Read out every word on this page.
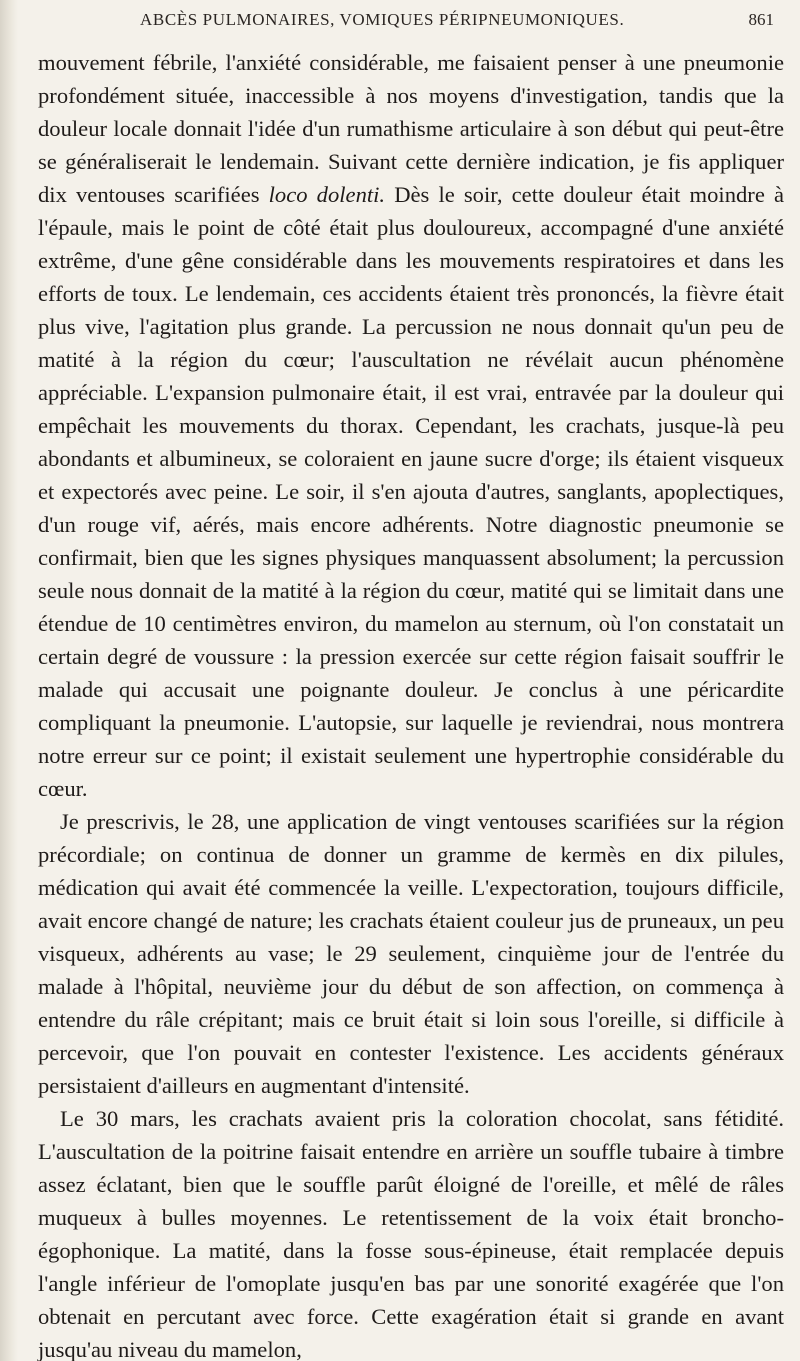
ABCÈS PULMONAIRES, VOMIQUES PÉRIPNEUMONIQUES.	861

mouvement fébrile, l'anxiété considérable, me faisaient penser à une pneumonie profondément située, inaccessible à nos moyens d'investigation, tandis que la douleur locale donnait l'idée d'un rumathisme articulaire à son début qui peut-être se généraliserait le lendemain. Suivant cette dernière indication, je fis appliquer dix ventouses scarifiées loco dolenti. Dès le soir, cette douleur était moindre à l'épaule, mais le point de côté était plus douloureux, accompagné d'une anxiété extrême, d'une gêne considérable dans les mouvements respiratoires et dans les efforts de toux. Le lendemain, ces accidents étaient très prononcés, la fièvre était plus vive, l'agitation plus grande. La percussion ne nous donnait qu'un peu de matité à la région du cœur; l'auscultation ne révélait aucun phénomène appréciable. L'expansion pulmonaire était, il est vrai, entravée par la douleur qui empêchait les mouvements du thorax. Cependant, les crachats, jusque-là peu abondants et albumineux, se coloraient en jaune sucre d'orge; ils étaient visqueux et expectorés avec peine. Le soir, il s'en ajouta d'autres, sanglants, apoplectiques, d'un rouge vif, aérés, mais encore adhérents. Notre diagnostic pneumonie se confirmait, bien que les signes physiques manquassent absolument; la percussion seule nous donnait de la matité à la région du cœur, matité qui se limitait dans une étendue de 10 centimètres environ, du mamelon au sternum, où l'on constatait un certain degré de voussure : la pression exercée sur cette région faisait souffrir le malade qui accusait une poignante douleur. Je conclus à une péricardite compliquant la pneumonie. L'autopsie, sur laquelle je reviendrai, nous montrera notre erreur sur ce point; il existait seulement une hypertrophie considérable du cœur.

Je prescrivis, le 28, une application de vingt ventouses scarifiées sur la région précordiale; on continua de donner un gramme de kermès en dix pilules, médication qui avait été commencée la veille. L'expectoration, toujours difficile, avait encore changé de nature; les crachats étaient couleur jus de pruneaux, un peu visqueux, adhérents au vase; le 29 seulement, cinquième jour de l'entrée du malade à l'hôpital, neuvième jour du début de son affection, on commença à entendre du râle crépitant; mais ce bruit était si loin sous l'oreille, si difficile à percevoir, que l'on pouvait en contester l'existence. Les accidents généraux persistaient d'ailleurs en augmentant d'intensité.

Le 30 mars, les crachats avaient pris la coloration chocolat, sans fétidité. L'auscultation de la poitrine faisait entendre en arrière un souffle tubaire à timbre assez éclatant, bien que le souffle parût éloigné de l'oreille, et mêlé de râles muqueux à bulles moyennes. Le retentissement de la voix était broncho-égophonique. La matité, dans la fosse sous-épineuse, était remplacée depuis l'angle inférieur de l'omoplate jusqu'en bas par une sonorité exagérée que l'on obtenait en percutant avec force. Cette exagération était si grande en avant jusqu'au niveau du mamelon,
